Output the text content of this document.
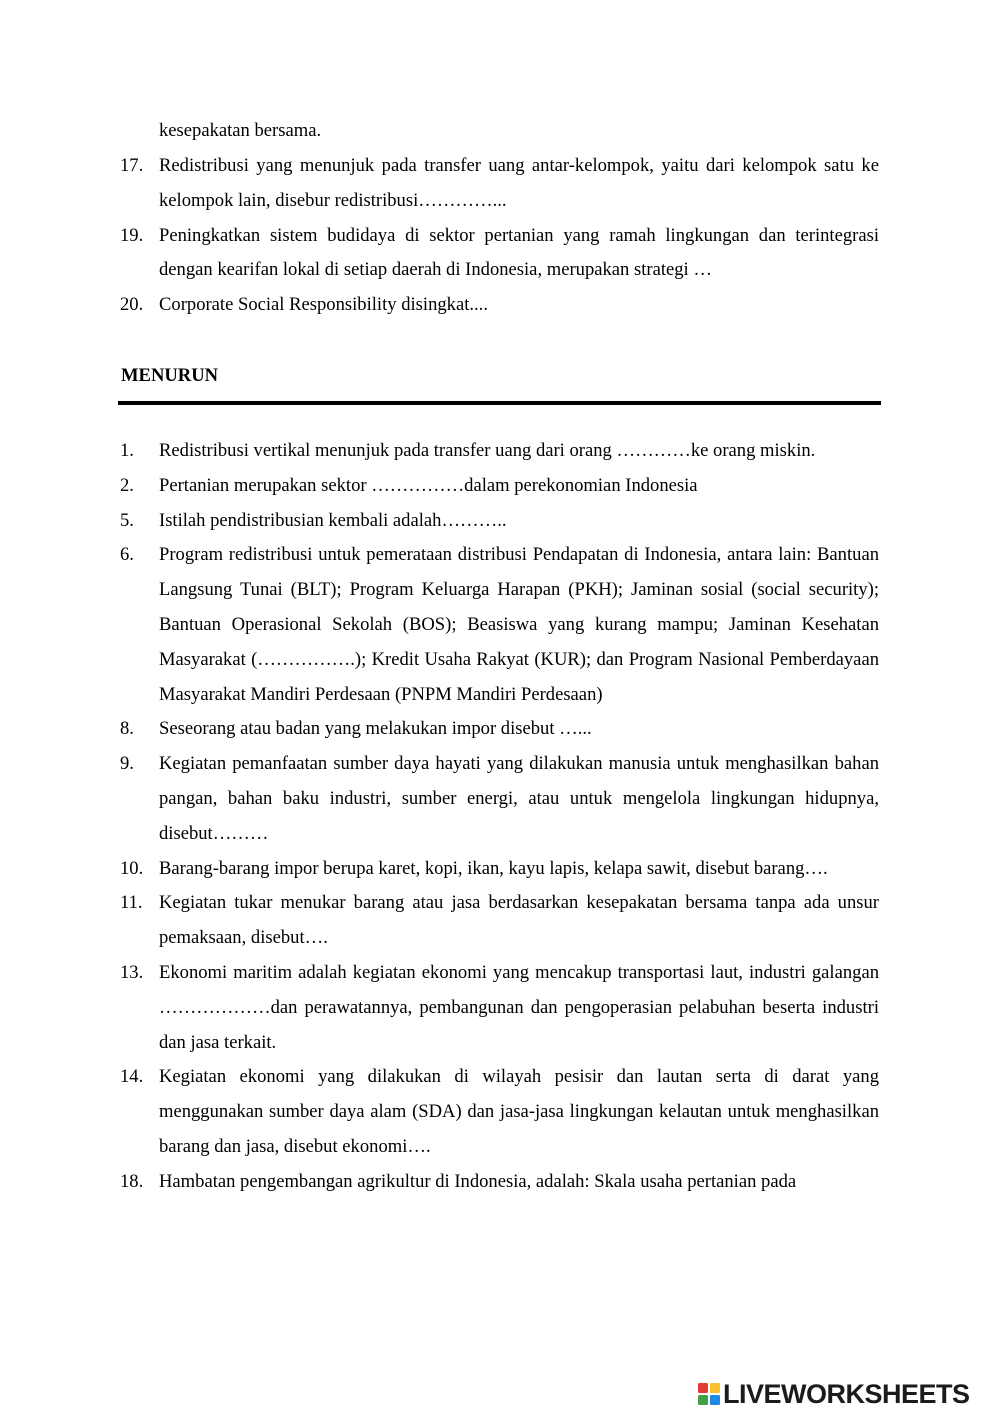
kesepakatan bersama.

17. Redistribusi yang menunjuk pada transfer uang antar-kelompok, yaitu dari kelompok satu ke kelompok lain, disebur redistribusi…………...
19. Peningkatkan sistem budidaya di sektor pertanian yang ramah lingkungan dan terintegrasi dengan kearifan lokal di setiap daerah di Indonesia, merupakan strategi …
20. Corporate Social Responsibility disingkat....
MENURUN
1.	Redistribusi vertikal menunjuk pada transfer uang dari orang …………ke orang miskin.
2.	Pertanian merupakan sektor ……………dalam perekonomian Indonesia
5.	Istilah pendistribusian kembali adalah………..
6.	Program redistribusi untuk pemerataan distribusi Pendapatan di Indonesia, antara lain: Bantuan Langsung Tunai (BLT); Program Keluarga Harapan (PKH); Jaminan sosial (social security); Bantuan Operasional Sekolah (BOS); Beasiswa yang kurang mampu; Jaminan Kesehatan Masyarakat (…………….); Kredit Usaha Rakyat (KUR); dan Program Nasional Pemberdayaan Masyarakat Mandiri Perdesaan (PNPM Mandiri Perdesaan)
8.	Seseorang atau badan yang melakukan impor disebut …...
9.	Kegiatan pemanfaatan sumber daya hayati yang dilakukan manusia untuk menghasilkan bahan pangan, bahan baku industri, sumber energi, atau untuk mengelola lingkungan hidupnya, disebut………
10. Barang-barang impor berupa karet, kopi, ikan, kayu lapis, kelapa sawit, disebut barang….
11. Kegiatan tukar menukar barang atau jasa berdasarkan kesepakatan bersama tanpa ada unsur pemaksaan, disebut….
13. Ekonomi maritim adalah kegiatan ekonomi yang mencakup transportasi laut, industri galangan ………………dan perawatannya, pembangunan dan pengoperasian pelabuhan beserta industri dan jasa terkait.
14. Kegiatan ekonomi yang dilakukan di wilayah pesisir dan lautan serta di darat yang menggunakan sumber daya alam (SDA) dan jasa-jasa lingkungan kelautan untuk menghasilkan barang dan jasa, disebut ekonomi….
18. Hambatan pengembangan agrikultur di Indonesia, adalah: Skala usaha pertanian pada
LIVEWORKSHEETS
